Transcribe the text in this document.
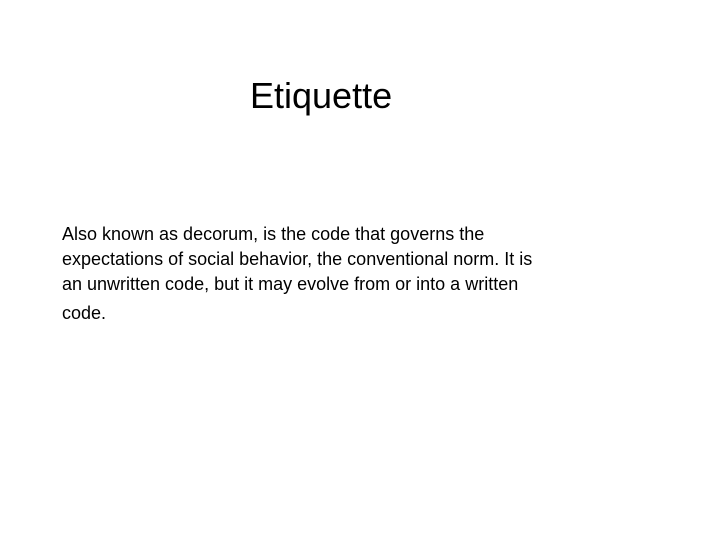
Etiquette

Also known as decorum, is the code that governs the
expectations of social behavior, the conventional norm. It is
an unwritten code, but it may evolve from or into a written
code.
